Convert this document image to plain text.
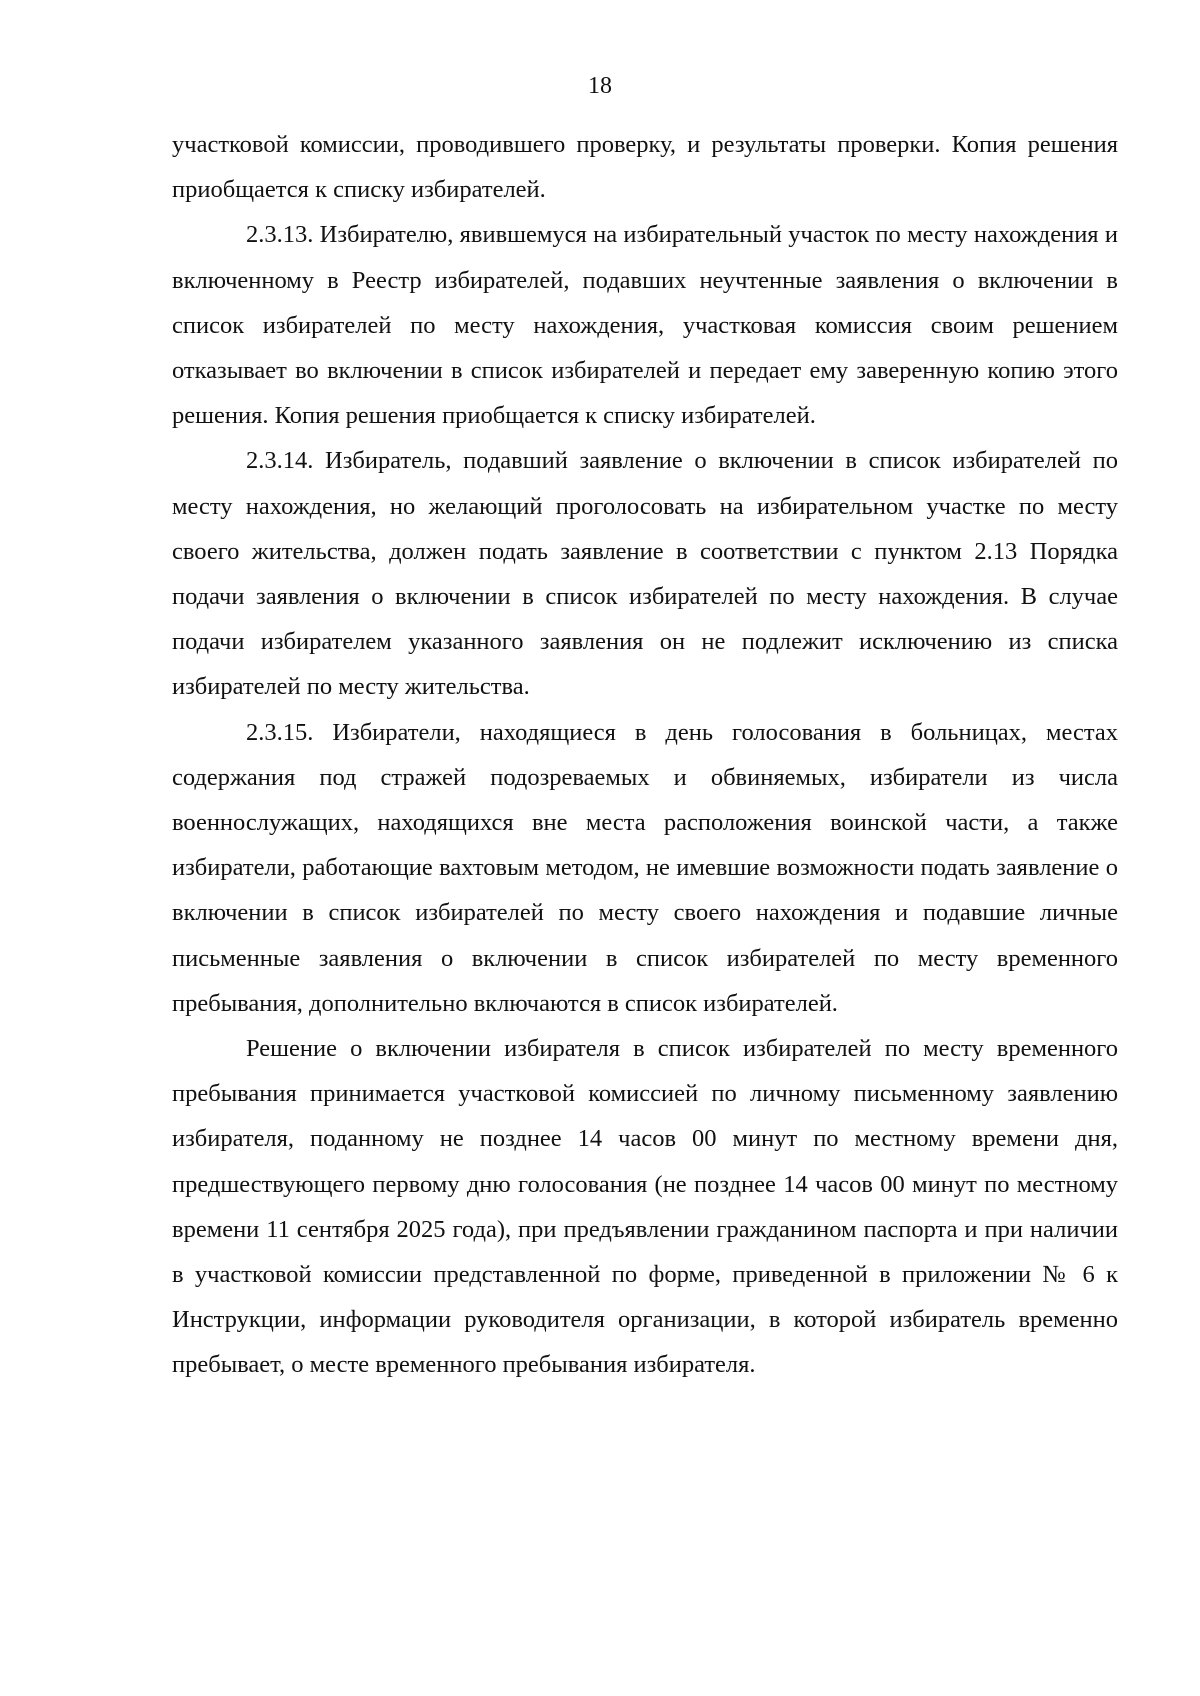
18

участковой комиссии, проводившего проверку, и результаты проверки. Копия решения приобщается к списку избирателей.

2.3.13. Избирателю, явившемуся на избирательный участок по месту нахождения и включенному в Реестр избирателей, подавших неучтенные заявления о включении в список избирателей по месту нахождения, участковая комиссия своим решением отказывает во включении в список избирателей и передает ему заверенную копию этого решения. Копия решения приобщается к списку избирателей.

2.3.14. Избиратель, подавший заявление о включении в список избирателей по месту нахождения, но желающий проголосовать на избирательном участке по месту своего жительства, должен подать заявление в соответствии с пунктом 2.13 Порядка подачи заявления о включении в список избирателей по месту нахождения. В случае подачи избирателем указанного заявления он не подлежит исключению из списка избирателей по месту жительства.

2.3.15. Избиратели, находящиеся в день голосования в больницах, местах содержания под стражей подозреваемых и обвиняемых, избиратели из числа военнослужащих, находящихся вне места расположения воинской части, а также избиратели, работающие вахтовым методом, не имевшие возможности подать заявление о включении в список избирателей по месту своего нахождения и подавшие личные письменные заявления о включении в список избирателей по месту временного пребывания, дополнительно включаются в список избирателей.

Решение о включении избирателя в список избирателей по месту временного пребывания принимается участковой комиссией по личному письменному заявлению избирателя, поданному не позднее 14 часов 00 минут по местному времени дня, предшествующего первому дню голосования (не позднее 14 часов 00 минут по местному времени 11 сентября 2025 года), при предъявлении гражданином паспорта и при наличии в участковой комиссии представленной по форме, приведенной в приложении № 6 к Инструкции, информации руководителя организации, в которой избиратель временно пребывает, о месте временного пребывания избирателя.
